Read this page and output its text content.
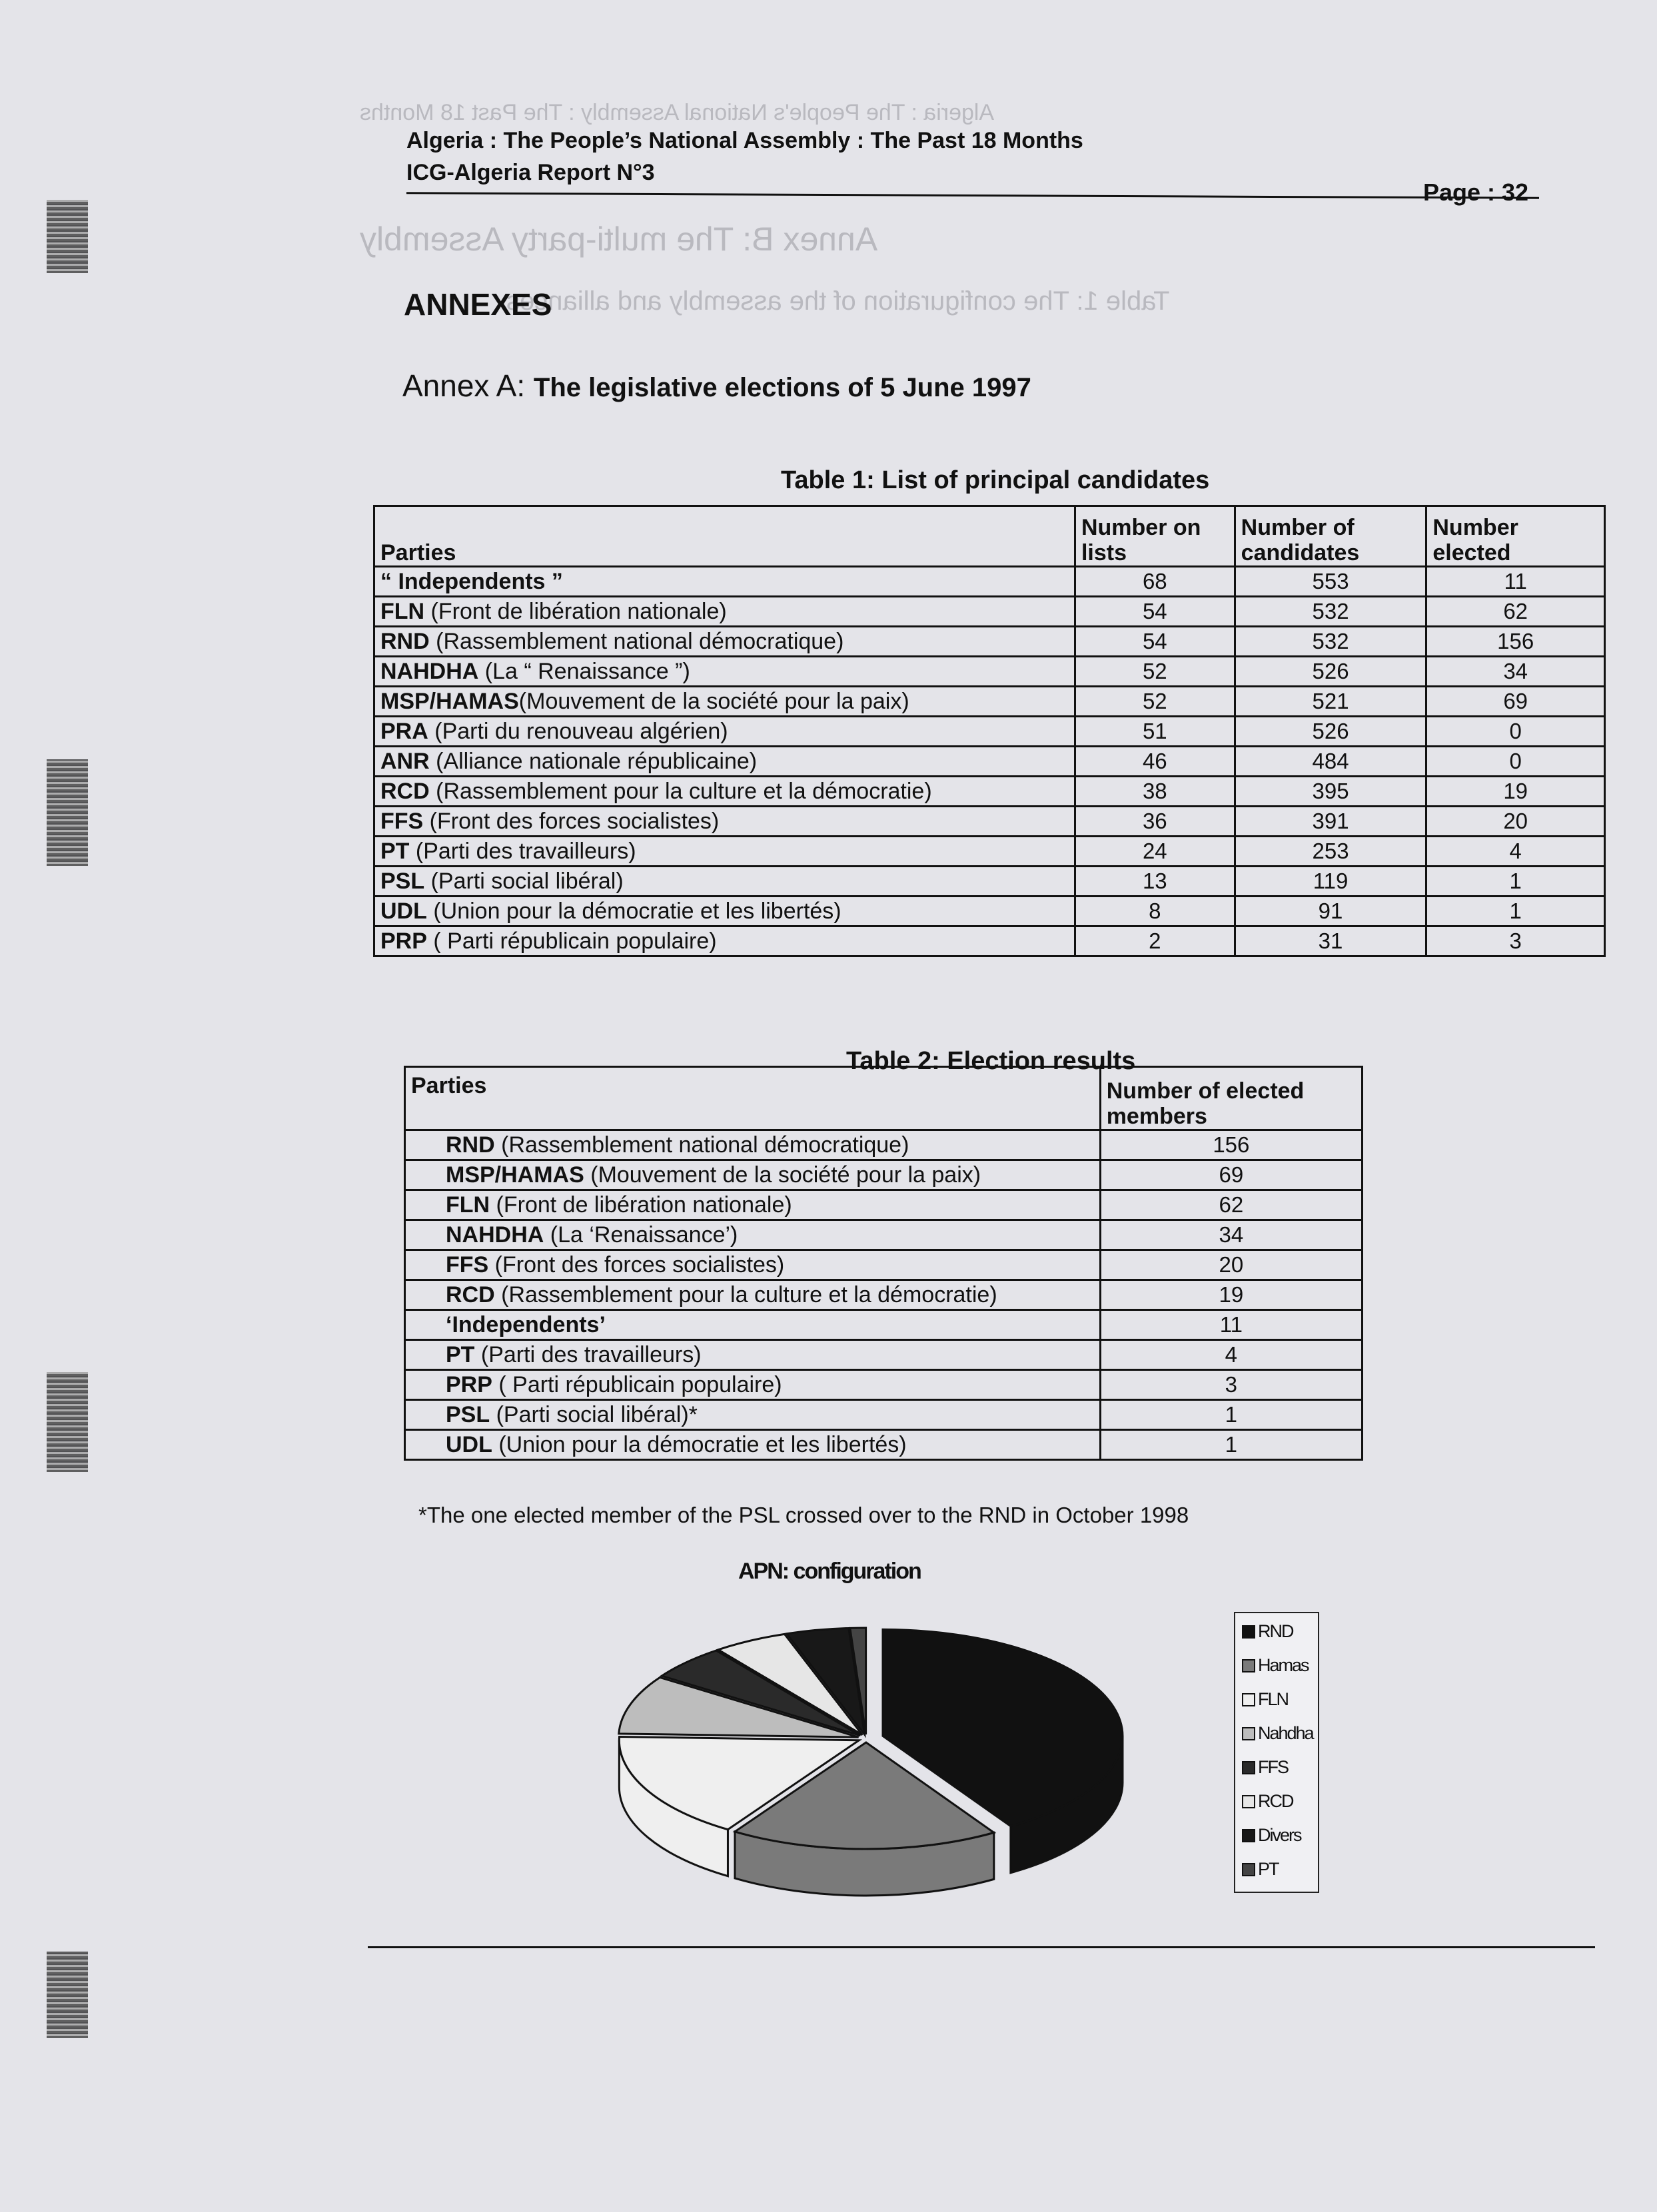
Algeria : The People's National Assembly : The Past 18 Months
Annex B: The multi-party Assembly
Table 1: The configuration of the assembly and alliances
Algeria : The People’s National Assembly : The Past 18 Months
ICG-Algeria Report N°3
Page : 32
ANNEXES
Annex A: The legislative elections of 5 June 1997
Table 1: List of principal candidates
Parties	Number on lists	Number of candidates	Number elected
“ Independents ”	68	553	11
FLN (Front de libération nationale)	54	532	62
RND (Rassemblement national démocratique)	54	532	156
NAHDHA (La “ Renaissance ”)	52	526	34
MSP/HAMAS(Mouvement de la société pour la paix)	52	521	69
PRA (Parti du renouveau algérien)	51	526	0
ANR (Alliance nationale républicaine)	46	484	0
RCD (Rassemblement pour la culture et la démocratie)	38	395	19
FFS (Front des forces socialistes)	36	391	20
PT (Parti des travailleurs)	24	253	4
PSL (Parti social libéral)	13	119	1
UDL (Union pour la démocratie et les libertés)	8	91	1
PRP ( Parti républicain populaire)	2	31	3
Table 2: Election results
Parties	Number of elected members
RND (Rassemblement national démocratique)	156
MSP/HAMAS (Mouvement de la société pour la paix)	69
FLN (Front de libération nationale)	62
NAHDHA (La ‘Renaissance’)	34
FFS (Front des forces socialistes)	20
RCD (Rassemblement pour la culture et la démocratie)	19
‘Independents’	11
PT (Parti des travailleurs)	4
PRP ( Parti républicain populaire)	3
PSL (Parti social libéral)*	1
UDL (Union pour la démocratie et les libertés)	1
*The one elected member of the PSL crossed over to the RND in October 1998
APN: configuration
RND
Hamas
FLN
Nahdha
FFS
RCD
Divers
PT
